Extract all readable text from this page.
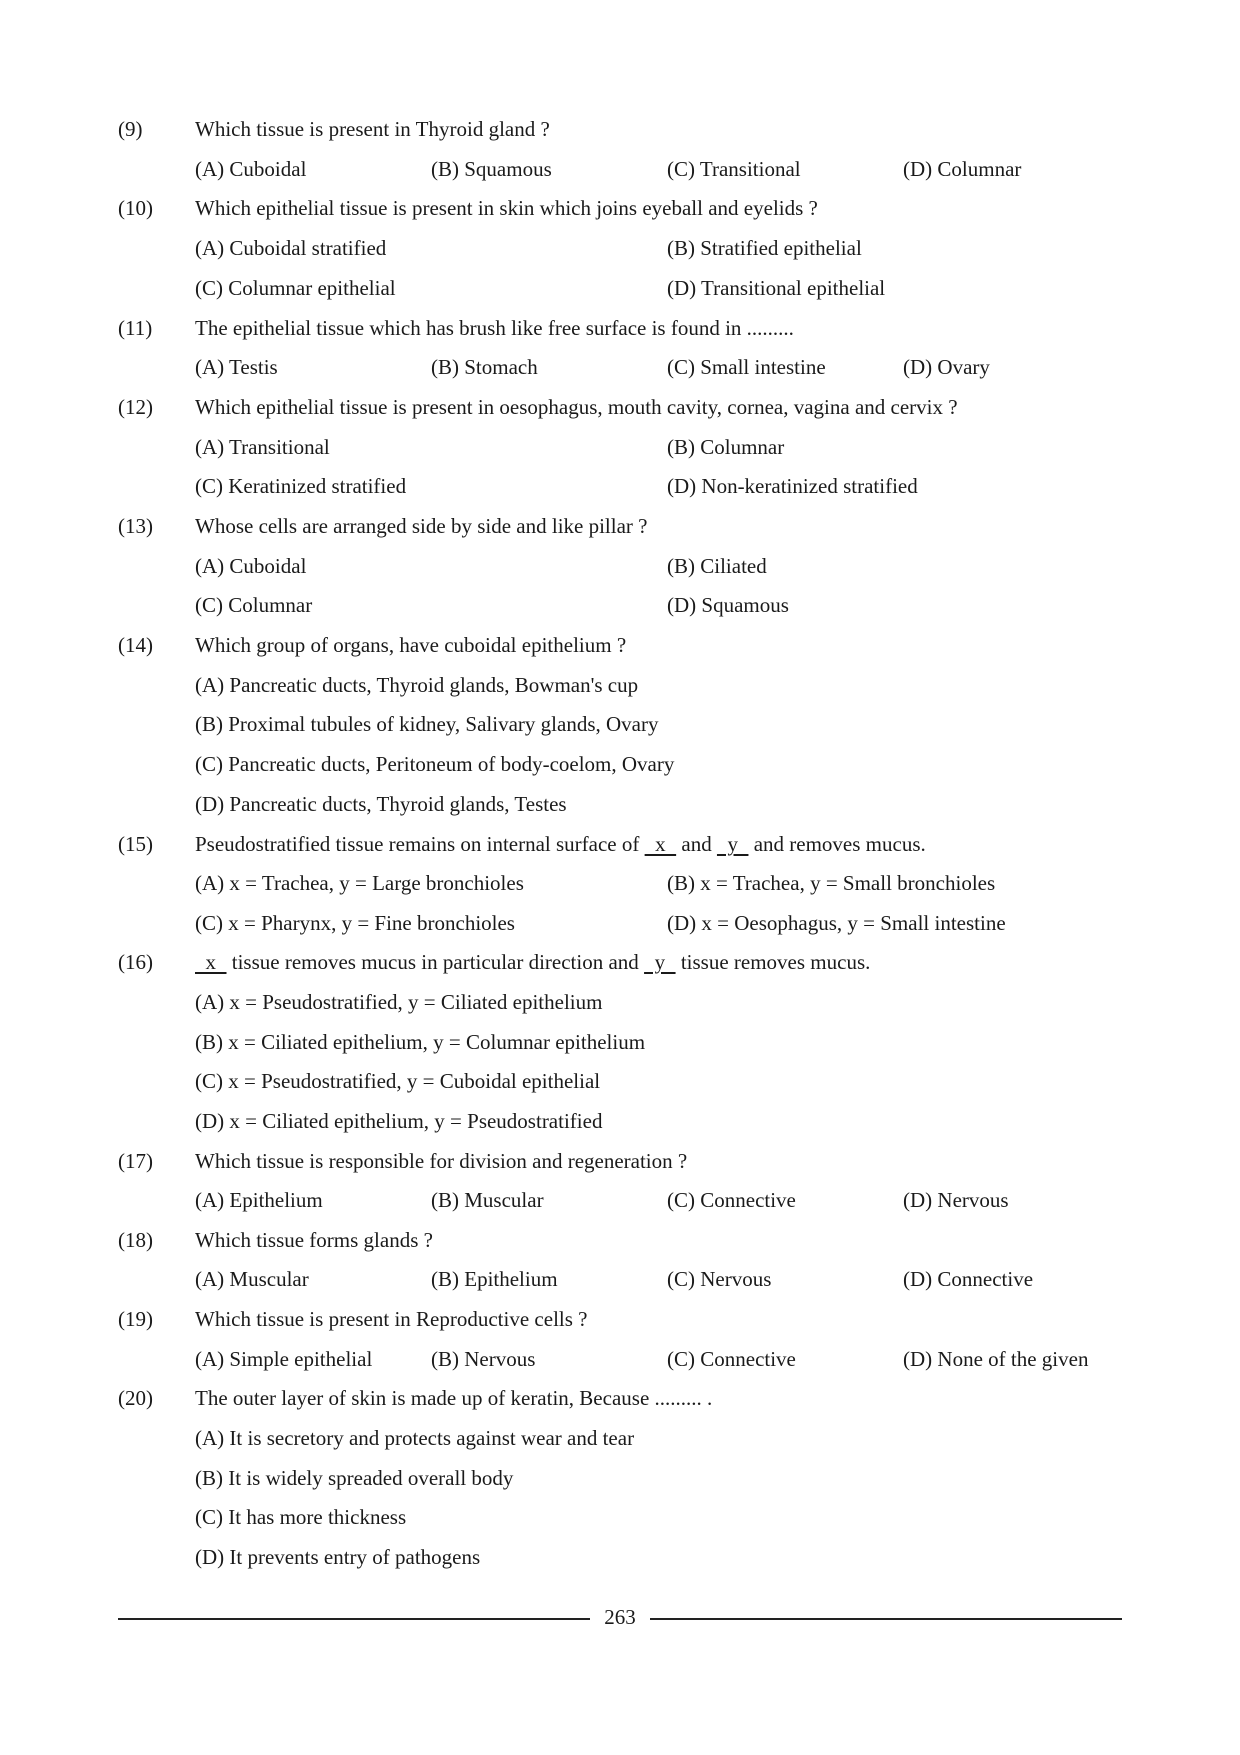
(9)	Which tissue is present in Thyroid gland ?
(A) Cuboidal	(B) Squamous	(C) Transitional	(D) Columnar
(10) Which epithelial tissue is present in skin which joins eyeball and eyelids ?
(A) Cuboidal stratified	(B) Stratified epithelial
(C) Columnar epithelial	(D) Transitional epithelial
(11) The epithelial tissue which has brush like free surface is found in .........
(A) Testis	(B) Stomach	(C) Small intestine	(D) Ovary
(12) Which epithelial tissue is present in oesophagus, mouth cavity, cornea, vagina and cervix ?
(A) Transitional	(B) Columnar
(C) Keratinized stratified	(D) Non-keratinized stratified
(13) Whose cells are arranged side by side and like pillar ?
(A) Cuboidal	(B) Ciliated
(C) Columnar	(D) Squamous
(14) Which group of organs, have cuboidal epithelium ?
(A) Pancreatic ducts, Thyroid glands, Bowman's cup
(B) Proximal tubules of kidney, Salivary glands, Ovary
(C) Pancreatic ducts, Peritoneum of body-coelom, Ovary
(D) Pancreatic ducts, Thyroid glands, Testes
(15) Pseudostratified tissue remains on internal surface of   x   and   y   and removes mucus.
(A) x = Trachea, y = Large bronchioles	(B) x = Trachea, y = Small bronchioles
(C) x = Pharynx, y = Fine bronchioles	(D) x = Oesophagus, y = Small intestine
(16) x   tissue removes mucus in particular direction and   y   tissue removes mucus.
(A) x = Pseudostratified, y = Ciliated epithelium
(B) x = Ciliated epithelium, y = Columnar epithelium
(C) x = Pseudostratified, y = Cuboidal epithelial
(D) x = Ciliated epithelium, y = Pseudostratified
(17) Which tissue is responsible for division and regeneration ?
(A) Epithelium	(B) Muscular	(C) Connective	(D) Nervous
(18) Which tissue forms glands ?
(A) Muscular	(B) Epithelium	(C) Nervous	(D) Connective
(19) Which tissue is present in Reproductive cells ?
(A) Simple epithelial	(B) Nervous	(C) Connective	(D) None of the given
(20) The outer layer of skin is made up of keratin, Because ......... .
(A) It is secretory and protects against wear and tear
(B) It is widely spreaded overall body
(C) It has more thickness
(D) It prevents entry of pathogens
263
